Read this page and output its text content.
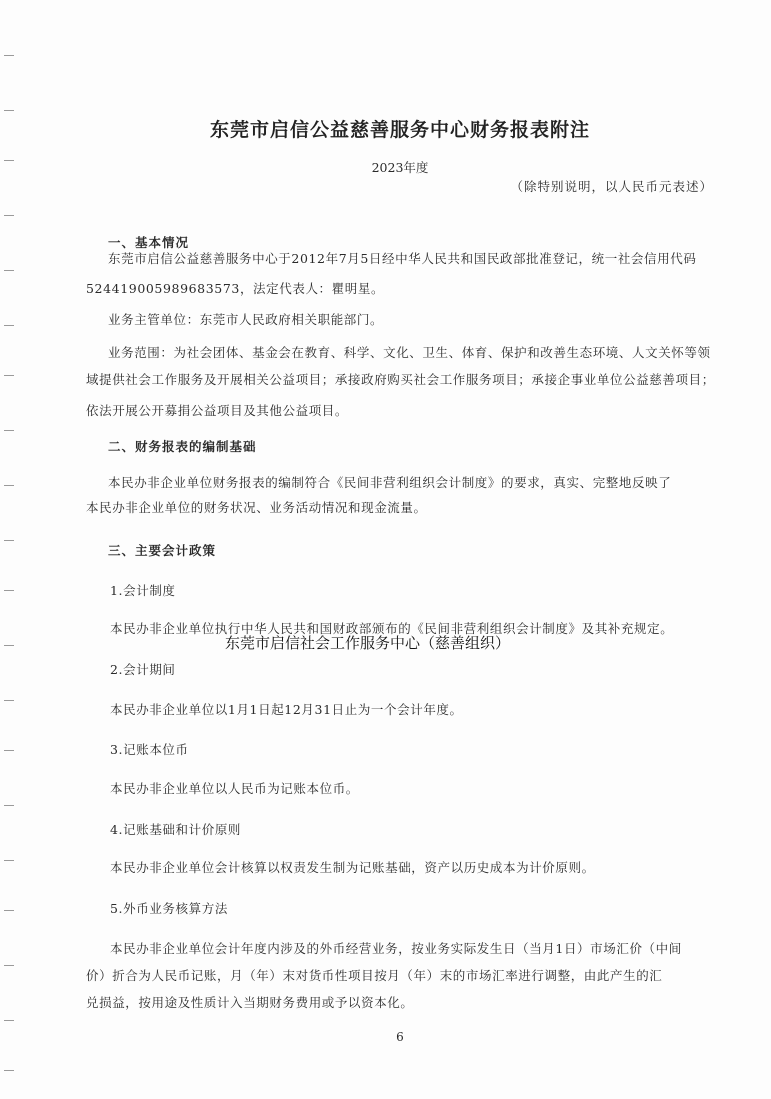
东莞市启信公益慈善服务中心财务报表附注
2023年度
（除特别说明，以人民币元表述）
一、基本情况
东莞市启信公益慈善服务中心于2012年7月5日经中华人民共和国民政部批准登记，统一社会信用代码
524419005989683573，法定代表人：瞿明星。
业务主管单位：东莞市人民政府相关职能部门。
业务范围：为社会团体、基金会在教育、科学、文化、卫生、体育、保护和改善生态环境、人文关怀等领
域提供社会工作服务及开展相关公益项目；承接政府购买社会工作服务项目；承接企事业单位公益慈善项目；
依法开展公开募捐公益项目及其他公益项目。
二、财务报表的编制基础
本民办非企业单位财务报表的编制符合《民间非营利组织会计制度》的要求，真实、完整地反映了
本民办非企业单位的财务状况、业务活动情况和现金流量。
三、主要会计政策
1.会计制度
本民办非企业单位执行中华人民共和国财政部颁布的《民间非营利组织会计制度》及其补充规定。
东莞市启信社会工作服务中心（慈善组织）
2.会计期间
本民办非企业单位以1月1日起12月31日止为一个会计年度。
3.记账本位币
本民办非企业单位以人民币为记账本位币。
4.记账基础和计价原则
本民办非企业单位会计核算以权责发生制为记账基础，资产以历史成本为计价原则。
5.外币业务核算方法
本民办非企业单位会计年度内涉及的外币经营业务，按业务实际发生日（当月1日）市场汇价（中间
价）折合为人民币记账，月（年）末对货币性项目按月（年）末的市场汇率进行调整，由此产生的汇
兑损益，按用途及性质计入当期财务费用或予以资本化。
6
